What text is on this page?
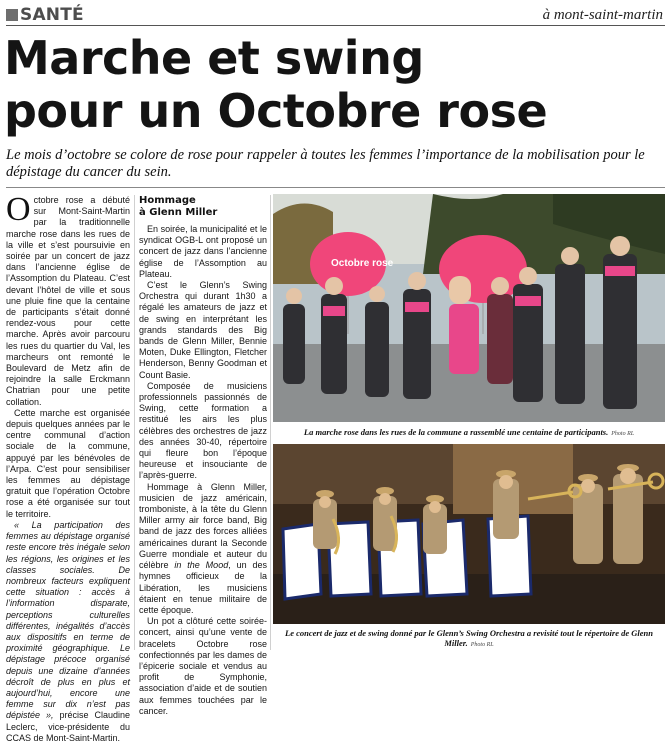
SANTÉ	à mont-saint-martin
Marche et swing
pour un Octobre rose

Le mois d’octobre se colore de rose pour rappeler à toutes les femmes l’importance de la mobilisation pour le dépistage du cancer du sein.

Octobre rose a débuté sur Mont-Saint-Martin par la traditionnelle marche rose dans les rues de la ville et s’est poursuivie en soirée par un concert de jazz dans l’ancienne église de l’Assomption du Plateau. C’est devant l’hôtel de ville et sous une pluie fine que la centaine de participants s’était donné rendez-vous pour cette marche. Après avoir parcouru les rues du quartier du Val, les marcheurs ont remonté le Boulevard de Metz afin de rejoindre la salle Erckmann Chatrian pour une petite collation.

Cette marche est organisée depuis quelques années par le centre communal d’action sociale de la commune, appuyé par les bénévoles de l’Arpa. C’est pour sensibiliser les femmes au dépistage gratuit que l’opération Octobre rose a été organisée sur tout le territoire.

« La participation des femmes au dépistage organisé reste encore très inégale selon les régions, les origines et les classes sociales. De nombreux facteurs expliquent cette situation : accès à l’information disparate, perceptions culturelles différentes, inégalités d’accès aux dispositifs en terme de proximité géographique. Le dépistage précoce organisé depuis une dizaine d’années décroît de plus en plus et aujourd’hui, encore une femme sur dix n’est pas dépistée », précise Claudine Leclerc, vice-présidente du CCAS de Mont-Saint-Martin.

Hommage
à Glenn Miller

En soirée, la municipalité et le syndicat OGB-L ont proposé un concert de jazz dans l’ancienne église de l’Assomption au Plateau.

C’est le Glenn’s Swing Orchestra qui durant 1h30 a régalé les amateurs de jazz et de swing en interprétant les grands standards des Big bands de Glenn Miller, Bennie Moten, Duke Ellington, Fletcher Henderson, Benny Goodman et Count Basie.

Composée de musiciens professionnels passionnés de Swing, cette formation a restitué les airs les plus célèbres des orchestres de jazz des années 30-40, répertoire qui fleure bon l’époque heureuse et insouciante de l’après-guerre.

Hommage à Glenn Miller, musicien de jazz américain, tromboniste, à la tête du Glenn Miller army air force band, Big band de jazz des forces alliées américaines durant la Seconde Guerre mondiale et auteur du célèbre in the Mood, un des hymnes officieux de la Libération, les musiciens étaient en tenue militaire de cette époque.

Un pot a clôturé cette soirée-concert, ainsi qu’une vente de bracelets Octobre rose confectionnés par les dames de l’épicerie sociale et vendus au profit de Symphonie, association d’aide et de soutien aux femmes touchées par le cancer.

Octobre rose

La marche rose dans les rues de la commune a rassemblé une centaine de participants. Photo RL

Le concert de jazz et de swing donné par le Glenn’s Swing Orchestra a revisité tout le répertoire de Glenn Miller. Photo RL
